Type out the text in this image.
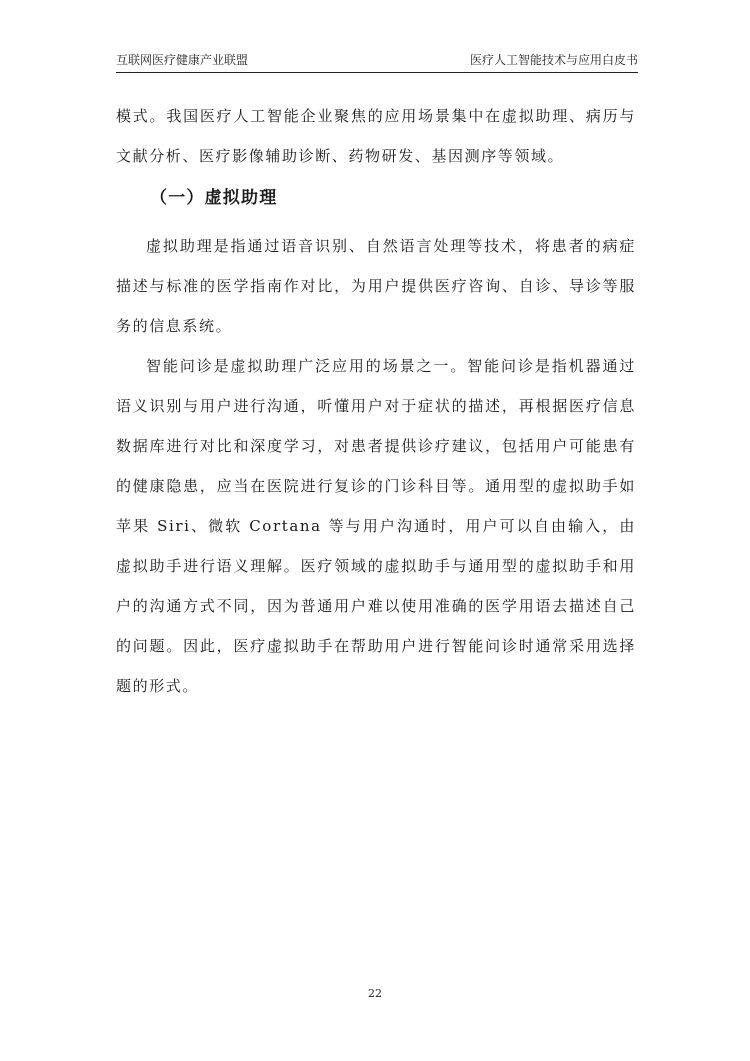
互联网医疗健康产业联盟	医疗人工智能技术与应用白皮书

模式。我国医疗人工智能企业聚焦的应用场景集中在虚拟助理、病历与文献分析、医疗影像辅助诊断、药物研发、基因测序等领域。

（一）虚拟助理

虚拟助理是指通过语音识别、自然语言处理等技术，将患者的病症描述与标准的医学指南作对比，为用户提供医疗咨询、自诊、导诊等服务的信息系统。

智能问诊是虚拟助理广泛应用的场景之一。智能问诊是指机器通过语义识别与用户进行沟通，听懂用户对于症状的描述，再根据医疗信息数据库进行对比和深度学习，对患者提供诊疗建议，包括用户可能患有的健康隐患，应当在医院进行复诊的门诊科目等。通用型的虚拟助手如苹果 Siri、微软 Cortana 等与用户沟通时，用户可以自由输入，由虚拟助手进行语义理解。医疗领域的虚拟助手与通用型的虚拟助手和用户的沟通方式不同，因为普通用户难以使用准确的医学用语去描述自己的问题。因此，医疗虚拟助手在帮助用户进行智能问诊时通常采用选择题的形式。

22
